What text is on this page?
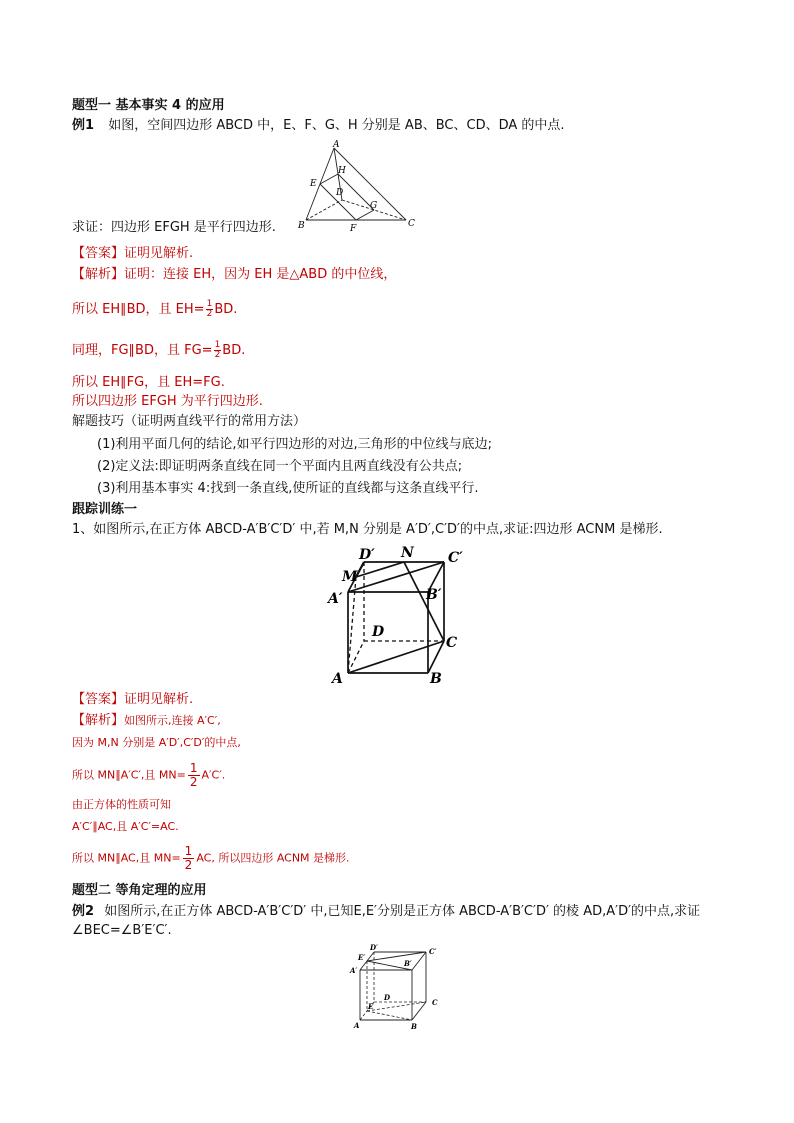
题型一 基本事实 4 的应用
例1 如图，空间四边形 ABCD 中，E、F、G、H 分别是 AB、BC、CD、DA 的中点.
A
B	C
D
E
F
G
H
求证：四边形 EFGH 是平行四边形.
【答案】证明见解析.
【解析】证明：连接 EH，因为 EH 是△ABD 的中位线，
所以 EH∥BD，且 $EH= \frac{1}{2}$ BD.
同理，FG∥BD，且 $FG= \frac{1}{2}$ BD.
所以 EH∥FG，且 EH=FG.
所以四边形 EFGH 为平行四边形.
解题技巧（证明两直线平行的常用方法）
(1)利用平面几何的结论,如平行四边形的对边,三角形的中位线与底边;
(2)定义法:即证明两条直线在同一个平面内且两直线没有公共点;
(3)利用基本事实 4:找到一条直线,使所证的直线都与这条直线平行.
跟踪训练一
1、如图所示,在正方体 ABCD-A′B′C′D′ 中,若 M,N 分别是 A′D′,C′D′的中点,求证:四边形 ACNM 是梯形.
D′ N C′
M
A′	B′
D
C
A	B
【答案】证明见解析.
【解析】如图所示,连接 A′C′,
因为 M,N 分别是 A′D′,C′D′的中点,
所以 MN∥A′C′,且 $MN= \frac{1}{2} A'C'$.
由正方体的性质可知
A′C′∥AC,且 A′C′=AC.
所以 MN∥AC,且 $MN= \frac{1}{2}$ AC, 所以四边形 ACNM 是梯形.
题型二 等角定理的应用
例2 如图所示,在正方体 ABCD-A′B′C′D′ 中,已知E,E′分别是正方体 ABCD-A′B′C′D′ 的棱 AD,A′D′的中点,求证
∠BEC=∠B′E′C′.
D′
E′
C′
A′
B′
D
E	C
A	B
